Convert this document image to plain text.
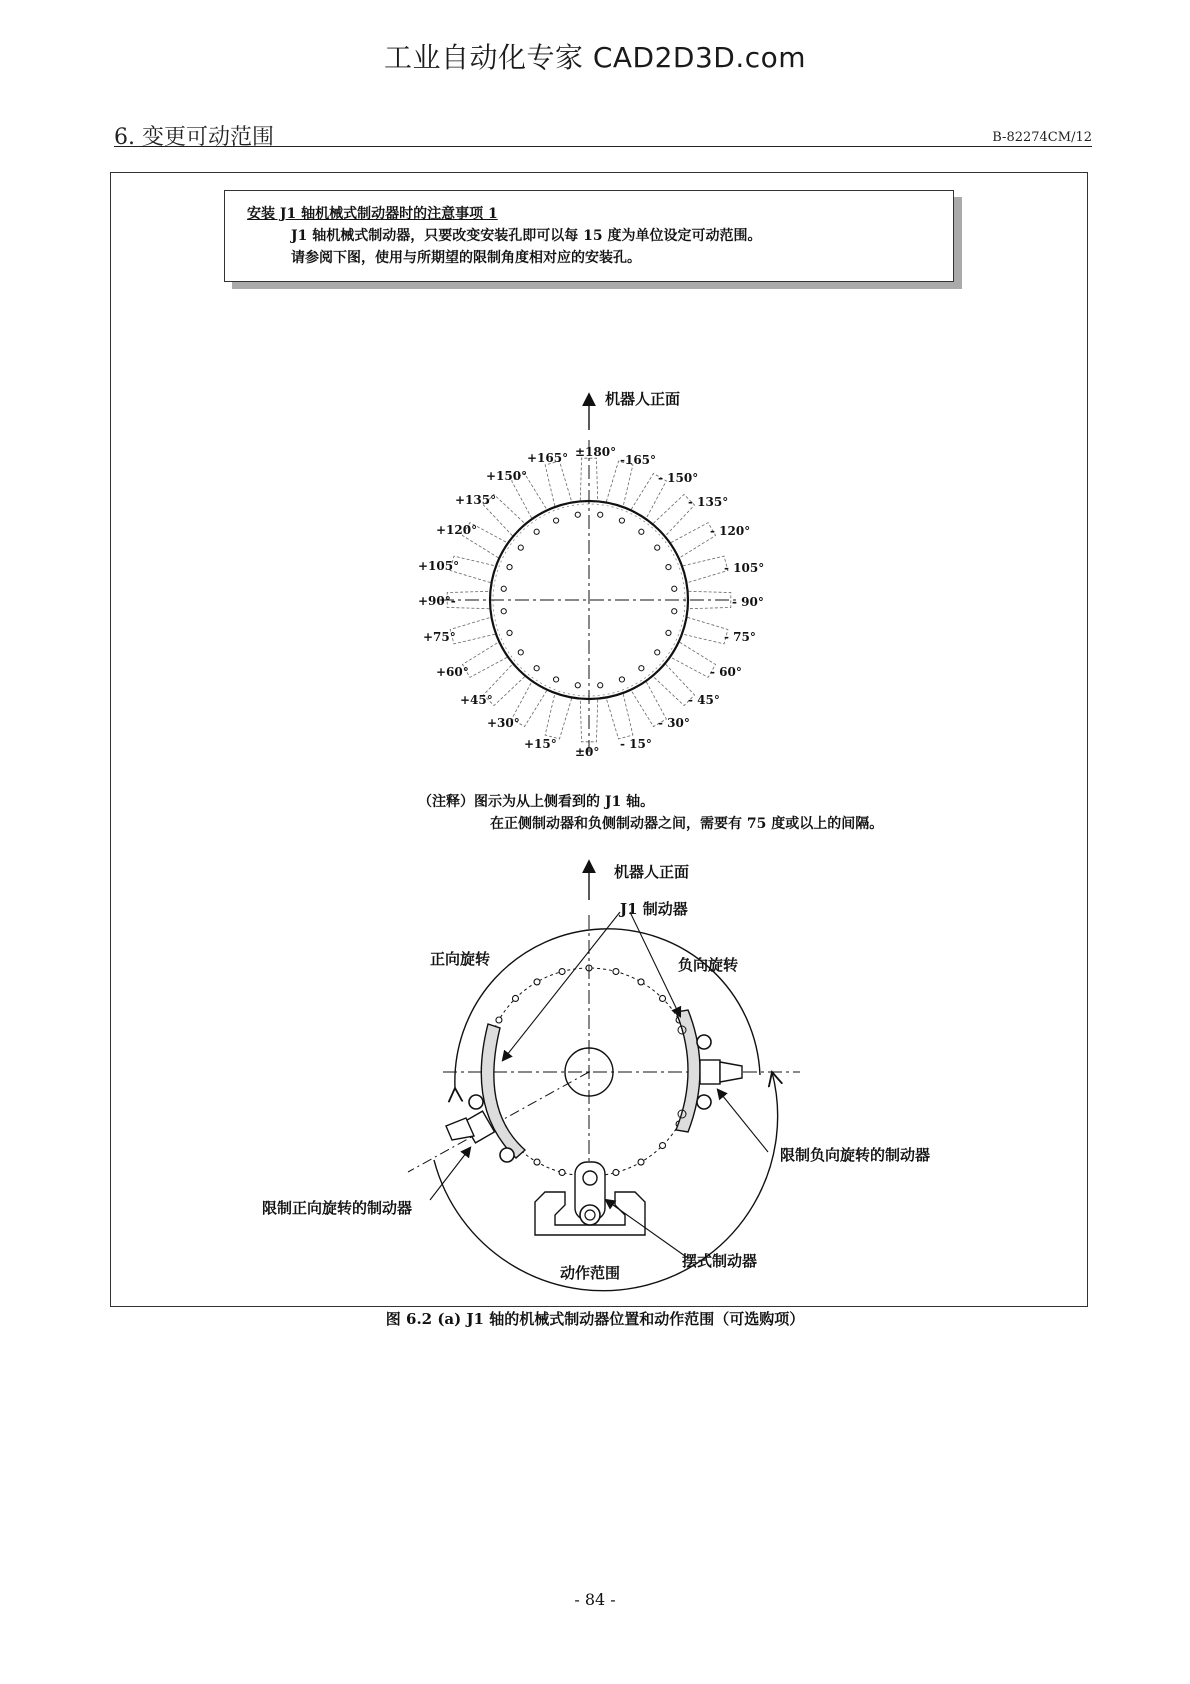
工业自动化专家 CAD2D3D.com
6. 变更可动范围	B-82274CM/12
安装 J1 轴机械式制动器时的注意事项 1
J1 轴机械式制动器，只要改变安装孔即可以每 15 度为单位设定可动范围。
请参阅下图，使用与所期望的限制角度相对应的安装孔。
机器人正面
±180°
+165°	-165°
+150°	- 150°
+135°	- 135°
+120°	- 120°
+105°	- 105°
+90°-	- 90°
+75°	- 75°
+60°	- 60°
+45°	- 45°
+30°	- 30°
+15°	- 15°
±0°
（注释）图示为从上侧看到的 J1 轴。
在正侧制动器和负侧制动器之间，需要有 75 度或以上的间隔。
机器人正面
J1 制动器
正向旋转	负向旋转
限制负向旋转的制动器
限制正向旋转的制动器
摆式制动器
动作范围
图 6.2 (a) J1 轴的机械式制动器位置和动作范围（可选购项）
- 84 -
